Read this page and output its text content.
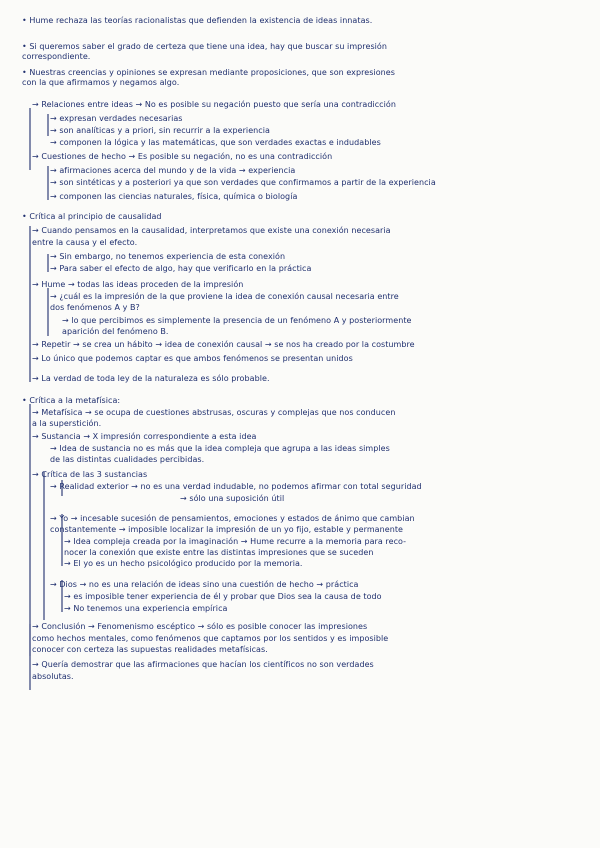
• Hume rechaza las teorías racionalistas que defienden la existencia de ideas innatas.
• Si queremos saber el grado de certeza que tiene una idea, hay que buscar su impresión
correspondiente.
• Nuestras creencias y opiniones se expresan mediante proposiciones, que son expresiones
con la que afirmamos y negamos algo.
→ Relaciones entre ideas → No es posible su negación puesto que sería una contradicción
→ expresan verdades necesarias
→ son analíticas y a priori, sin recurrir a la experiencia
→ componen la lógica y las matemáticas, que son verdades exactas e indudables
→ Cuestiones de hecho → Es posible su negación, no es una contradicción
→ afirmaciones acerca del mundo y de la vida → experiencia
→ son sintéticas y a posteriori ya que son verdades que confirmamos a partir de la experiencia
→ componen las ciencias naturales, física, química o biología
• Crítica al principio de causalidad
→ Cuando pensamos en la causalidad, interpretamos que existe una conexión necesaria
entre la causa y el efecto.
→ Sin embargo, no tenemos experiencia de esta conexión
→ Para saber el efecto de algo, hay que verificarlo en la práctica
→ Hume → todas las ideas proceden de la impresión
→ ¿cuál es la impresión de la que proviene la idea de conexión causal necesaria entre
dos fenómenos A y B?
→ lo que percibimos es simplemente la presencia de un fenómeno A y posteriormente
aparición del fenómeno B.
→ Repetir → se crea un hábito → idea de conexión causal → se nos ha creado por la costumbre
→ Lo único que podemos captar es que ambos fenómenos se presentan unidos
→ La verdad de toda ley de la naturaleza es sólo probable.
• Crítica a la metafísica:
→ Metafísica → se ocupa de cuestiones abstrusas, oscuras y complejas que nos conducen
a la superstición.
→ Sustancia → X impresión correspondiente a esta idea
→ Idea de sustancia no es más que la idea compleja que agrupa a las ideas simples
de las distintas cualidades percibidas.
→ Crítica de las 3 sustancias
→ Realidad exterior → no es una verdad indudable, no podemos afirmar con total seguridad
→ sólo una suposición útil
→ Yo → incesable sucesión de pensamientos, emociones y estados de ánimo que cambian
constantemente → imposible localizar la impresión de un yo fijo, estable y permanente
→ Idea compleja creada por la imaginación → Hume recurre a la memoria para reco-
nocer la conexión que existe entre las distintas impresiones que se suceden
→ El yo es un hecho psicológico producido por la memoria.
→ Dios → no es una relación de ideas sino una cuestión de hecho → práctica
→ es imposible tener experiencia de él y probar que Dios sea la causa de todo
→ No tenemos una experiencia empírica
→ Conclusión → Fenomenismo escéptico → sólo es posible conocer las impresiones
como hechos mentales, como fenómenos que captamos por los sentidos y es imposible
conocer con certeza las supuestas realidades metafísicas.
→ Quería demostrar que las afirmaciones que hacían los científicos no son verdades
absolutas.
